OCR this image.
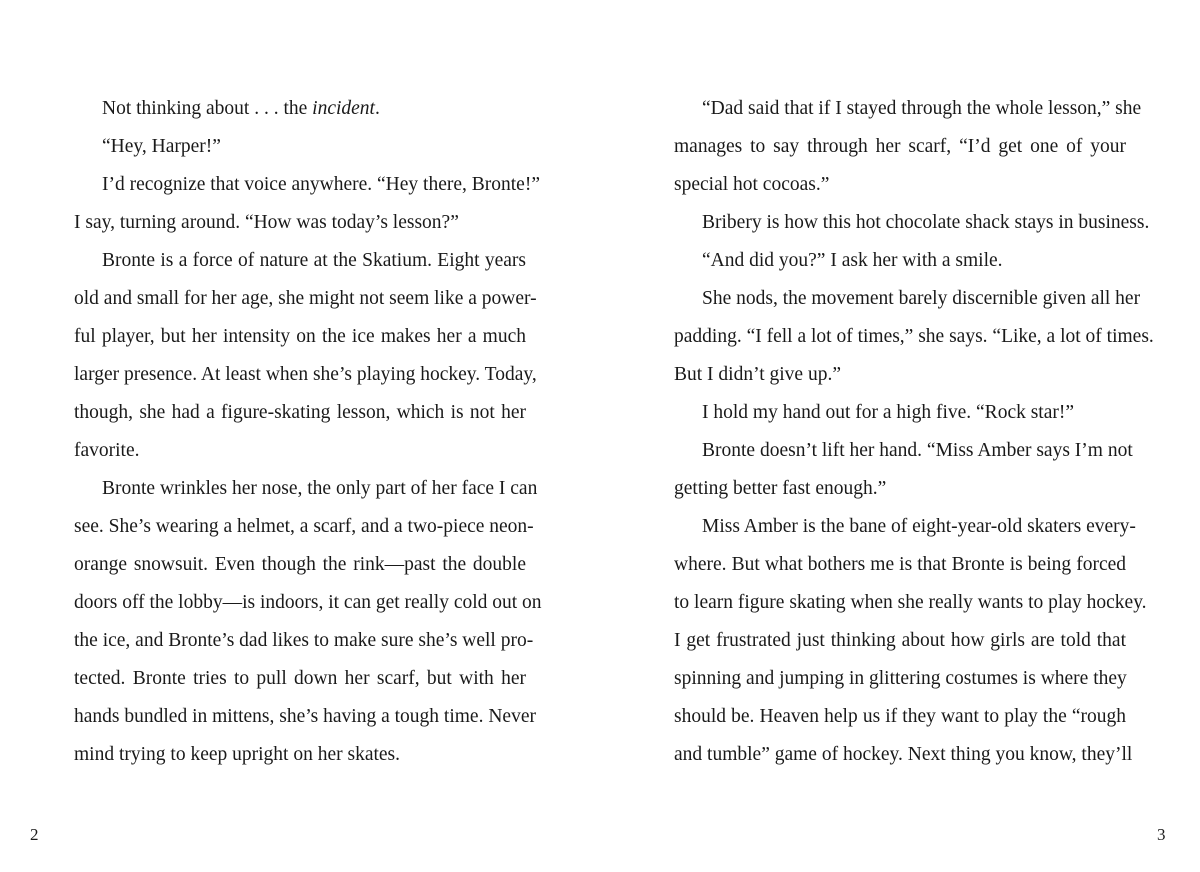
Not thinking about . . . the incident.
“Hey, Harper!”
I’d recognize that voice anywhere. “Hey there, Bronte!”
I say, turning around. “How was today’s lesson?”
Bronte is a force of nature at the Skatium. Eight years
old and small for her age, she might not seem like a power-
ful player, but her intensity on the ice makes her a much
larger presence. At least when she’s playing hockey. Today,
though, she had a figure-skating lesson, which is not her
favorite.
Bronte wrinkles her nose, the only part of her face I can
see. She’s wearing a helmet, a scarf, and a two-piece neon-
orange snowsuit. Even though the rink—past the double
doors off the lobby—is indoors, it can get really cold out on
the ice, and Bronte’s dad likes to make sure she’s well pro-
tected. Bronte tries to pull down her scarf, but with her
hands bundled in mittens, she’s having a tough time. Never
mind trying to keep upright on her skates.
2
“Dad said that if I stayed through the whole lesson,” she
manages to say through her scarf, “I’d get one of your
special hot cocoas.”
Bribery is how this hot chocolate shack stays in business.
“And did you?” I ask her with a smile.
She nods, the movement barely discernible given all her
padding. “I fell a lot of times,” she says. “Like, a lot of times.
But I didn’t give up.”
I hold my hand out for a high five. “Rock star!”
Bronte doesn’t lift her hand. “Miss Amber says I’m not
getting better fast enough.”
Miss Amber is the bane of eight-year-old skaters every-
where. But what bothers me is that Bronte is being forced
to learn figure skating when she really wants to play hockey.
I get frustrated just thinking about how girls are told that
spinning and jumping in glittering costumes is where they
should be. Heaven help us if they want to play the “rough
and tumble” game of hockey. Next thing you know, they’ll
3
